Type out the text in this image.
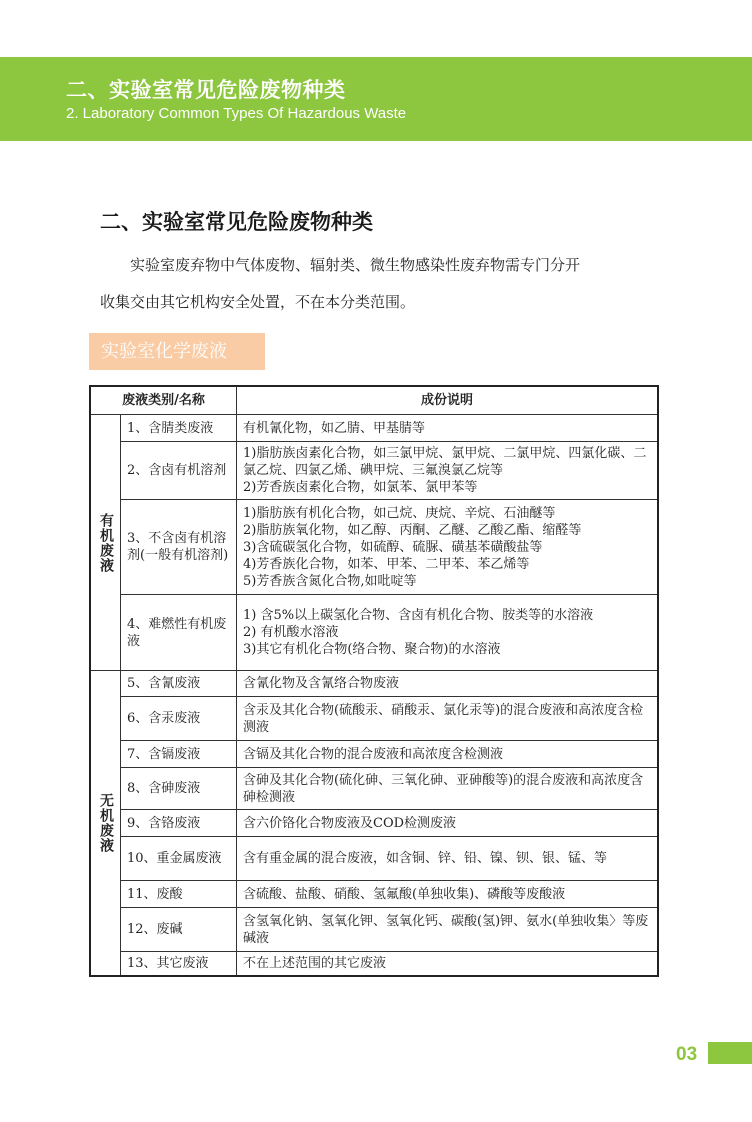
二、实验室常见危险废物种类
2. Laboratory Common Types Of Hazardous Waste
二、实验室常见危险废物种类
实验室废弃物中气体废物、辐射类、微生物感染性废弃物需专门分开
收集交由其它机构安全处置，不在本分类范围。
实验室化学废液
废液类别/名称		成份说明
有机废液	1、含腈类废液	有机氰化物，如乙腈、甲基腈等

	2、含卤有机溶剂	1)脂肪族卤素化合物，如三氯甲烷、氯甲烷、二氯甲烷、四氯化碳、二氯乙烷、四氯乙烯、碘甲烷、三氟溴氯乙烷等
2)芳香族卤素化合物，如氯苯、氯甲苯等

	3、不含卤有机溶剂(一般有机溶剂)	1)脂肪族有机化合物，如己烷、庚烷、辛烷、石油醚等
2)脂肪族氧化物，如乙醇、丙酮、乙醚、乙酸乙酯、缩醛等
3)含硫碳氢化合物，如硫醇、硫脲、磺基苯磺酸盐等
4)芳香族化合物，如苯、甲苯、二甲苯、苯乙烯等
5)芳香族含氮化合物,如吡啶等

	4、难燃性有机废液	1) 含5%以上碳氢化合物、含卤有机化合物、胺类等的水溶液
2) 有机酸水溶液
3)其它有机化合物(络合物、聚合物)的水溶液

无机废液	5、含氰废液	含氰化物及含氰络合物废液

	6、含汞废液	含汞及其化合物(硫酸汞、硝酸汞、氯化汞等)的混合废液和高浓度含检测液

	7、含镉废液	含镉及其化合物的混合废液和高浓度含检测液

	8、含砷废液	含砷及其化合物(硫化砷、三氧化砷、亚砷酸等)的混合废液和高浓度含砷检测液

	9、含铬废液	含六价铬化合物废液及COD检测废液

	10、重金属废液	含有重金属的混合废液，如含铜、锌、铅、镍、钡、银、锰、等

	11、废酸	含硫酸、盐酸、硝酸、氢氟酸(单独收集)、磷酸等废酸液

	12、废碱	含氢氧化钠、氢氧化钾、氢氧化钙、碳酸(氢)钾、氨水(单独收集〉等废碱液

	13、其它废液	不在上述范围的其它废液
03
